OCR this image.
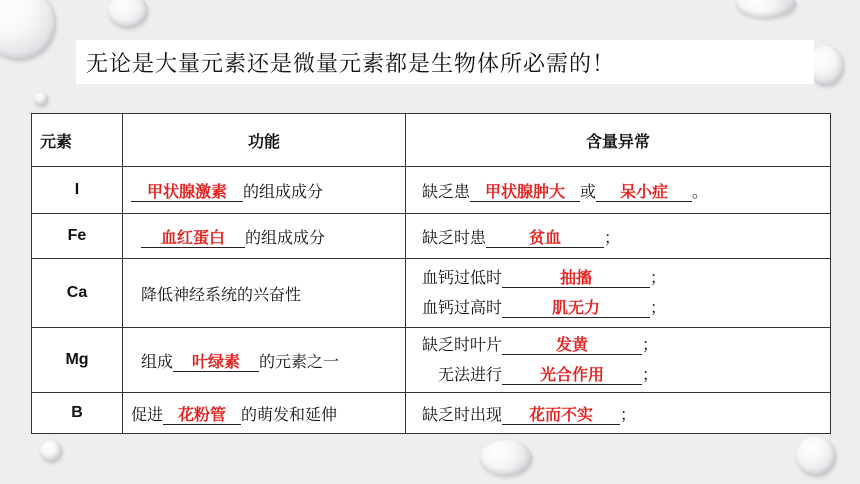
无论是大量元素还是微量元素都是生物体所必需的！
元素	功能	含量异常
I	甲状腺激素 的组成成分	缺乏患 甲状腺肿大 或 呆小症 。
Fe	血红蛋白 的组成成分	缺乏时患 贫血 ；
Ca	降低神经系统的兴奋性	血钙过低时 抽搐 ；
血钙过高时 肌无力 ；

Mg	组成 叶绿素 的元素之一	缺乏时叶片 发黄 ；
无法进行 光合作用 ；

B	促进 花粉管 的萌发和延伸	缺乏时出现 花而不实 ；
